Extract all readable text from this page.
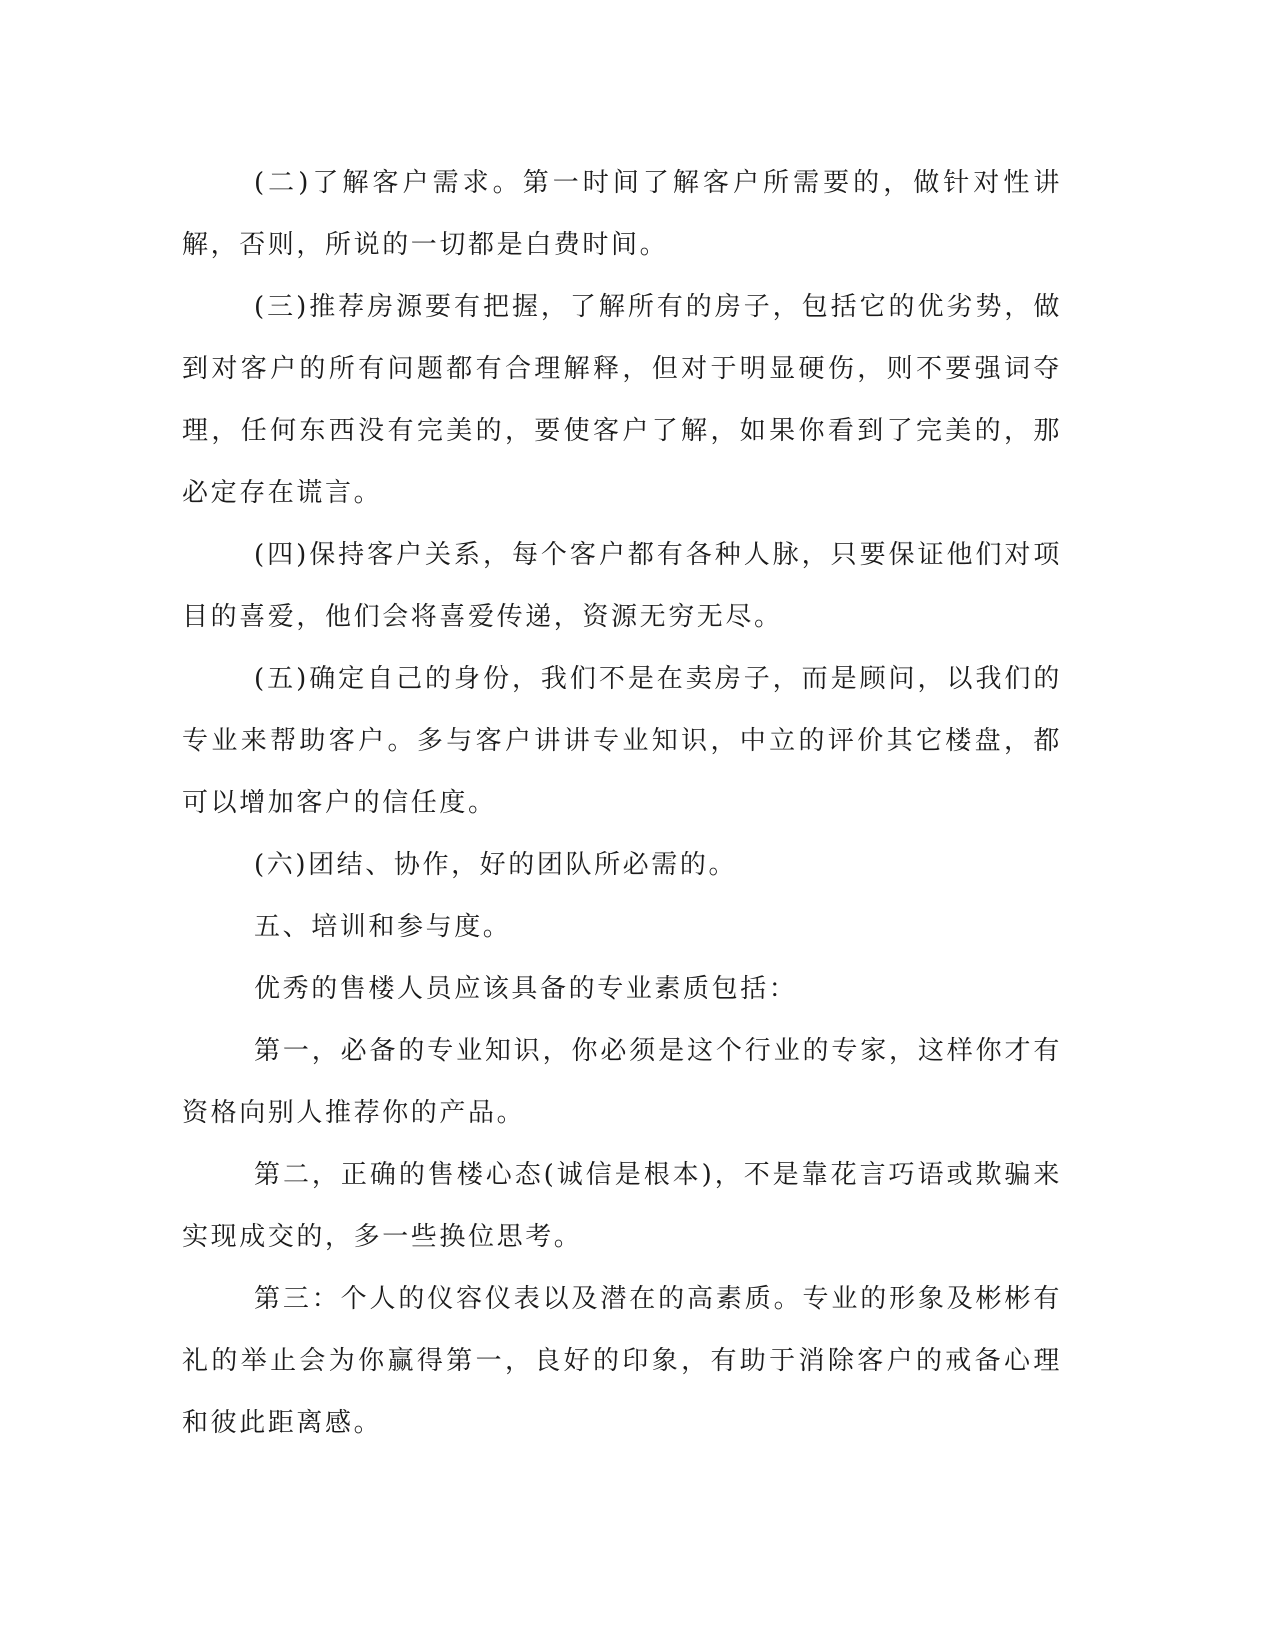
(二)了解客户需求。第一时间了解客户所需要的，做针对性讲解，否则，所说的一切都是白费时间。

(三)推荐房源要有把握，了解所有的房子，包括它的优劣势，做到对客户的所有问题都有合理解释，但对于明显硬伤，则不要强词夺理，任何东西没有完美的，要使客户了解，如果你看到了完美的，那必定存在谎言。

(四)保持客户关系，每个客户都有各种人脉，只要保证他们对项目的喜爱，他们会将喜爱传递，资源无穷无尽。

(五)确定自己的身份，我们不是在卖房子，而是顾问，以我们的专业来帮助客户。多与客户讲讲专业知识，中立的评价其它楼盘，都可以增加客户的信任度。

(六)团结、协作，好的团队所必需的。

五、培训和参与度。

优秀的售楼人员应该具备的专业素质包括：

第一，必备的专业知识，你必须是这个行业的专家，这样你才有资格向别人推荐你的产品。

第二，正确的售楼心态(诚信是根本)，不是靠花言巧语或欺骗来实现成交的，多一些换位思考。

第三：个人的仪容仪表以及潜在的高素质。专业的形象及彬彬有礼的举止会为你赢得第一，良好的印象，有助于消除客户的戒备心理和彼此距离感。
